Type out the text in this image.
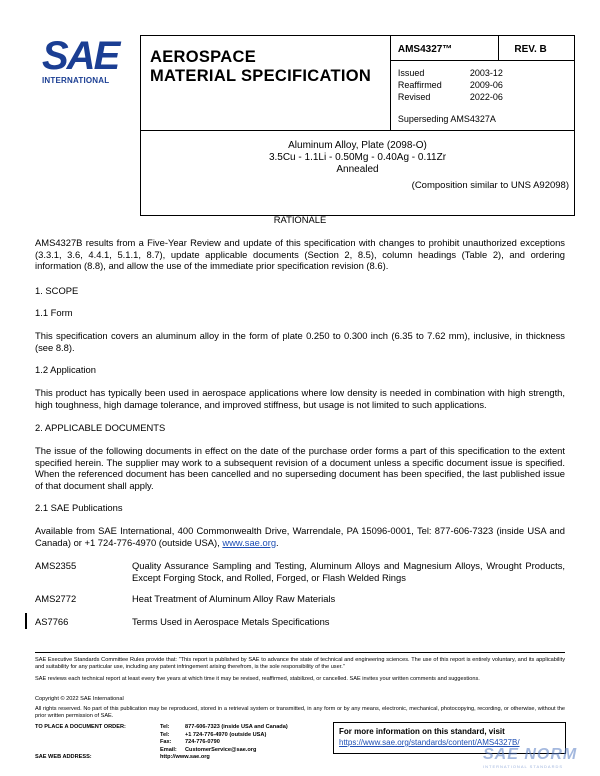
SAE
INTERNATIONAL
AEROSPACE
MATERIAL SPECIFICATION

AMS4327™	REV. B

Issued	2003-12
Reaffirmed	2009-06
Revised	2022-06
Superseding AMS4327A

Aluminum Alloy, Plate (2098-O)
3.5Cu - 1.1Li - 0.50Mg - 0.40Ag - 0.11Zr
Annealed
(Composition similar to UNS A92098)
RATIONALE
AMS4327B results from a Five-Year Review and update of this specification with changes to prohibit unauthorized exceptions (3.3.1, 3.6, 4.4.1, 5.1.1, 8.7), update applicable documents (Section 2, 8.5), column headings (Table 2), and ordering information (8.8), and allow the use of the immediate prior specification revision (8.6).
1. SCOPE
1.1 Form
This specification covers an aluminum alloy in the form of plate 0.250 to 0.300 inch (6.35 to 7.62 mm), inclusive, in thickness (see 8.8).
1.2 Application
This product has typically been used in aerospace applications where low density is needed in combination with high strength, high toughness, high damage tolerance, and improved stiffness, but usage is not limited to such applications.
2. APPLICABLE DOCUMENTS
The issue of the following documents in effect on the date of the purchase order forms a part of this specification to the extent specified herein. The supplier may work to a subsequent revision of a document unless a specific document issue is specified. When the referenced document has been cancelled and no superseding document has been specified, the last published issue of that document shall apply.
2.1 SAE Publications
Available from SAE International, 400 Commonwealth Drive, Warrendale, PA 15096-0001, Tel: 877-606-7323 (inside USA and Canada) or +1 724-776-4970 (outside USA), www.sae.org.
AMS2355	Quality Assurance Sampling and Testing, Aluminum Alloys and Magnesium Alloys, Wrought Products, Except Forging Stock, and Rolled, Forged, or Flash Welded Rings
AMS2772	Heat Treatment of Aluminum Alloy Raw Materials
AS7766	Terms Used in Aerospace Metals Specifications
SAE Executive Standards Committee Rules provide that: “This report is published by SAE to advance the state of technical and engineering sciences. The use of this report is entirely voluntary, and its applicability and suitability for any particular use, including any patent infringement arising therefrom, is the sole responsibility of the user.”
SAE reviews each technical report at least every five years at which time it may be revised, reaffirmed, stabilized, or cancelled. SAE invites your written comments and suggestions.
Copyright © 2022 SAE International
All rights reserved. No part of this publication may be reproduced, stored in a retrieval system or transmitted, in any form or by any means, electronic, mechanical, photocopying, recording, or otherwise, without the prior written permission of SAE.
TO PLACE A DOCUMENT ORDER:	Tel:	877-606-7323 (inside USA and Canada)
Tel:	+1 724-776-4970 (outside USA)
Fax: 724-776-0790
Email: CustomerService@sae.org
SAE WEB ADDRESS:	http://www.sae.org
For more information on this standard, visit
https://www.sae.org/standards/content/AMS4327B/
SAE NORM
INTERNATIONAL STANDARDS
